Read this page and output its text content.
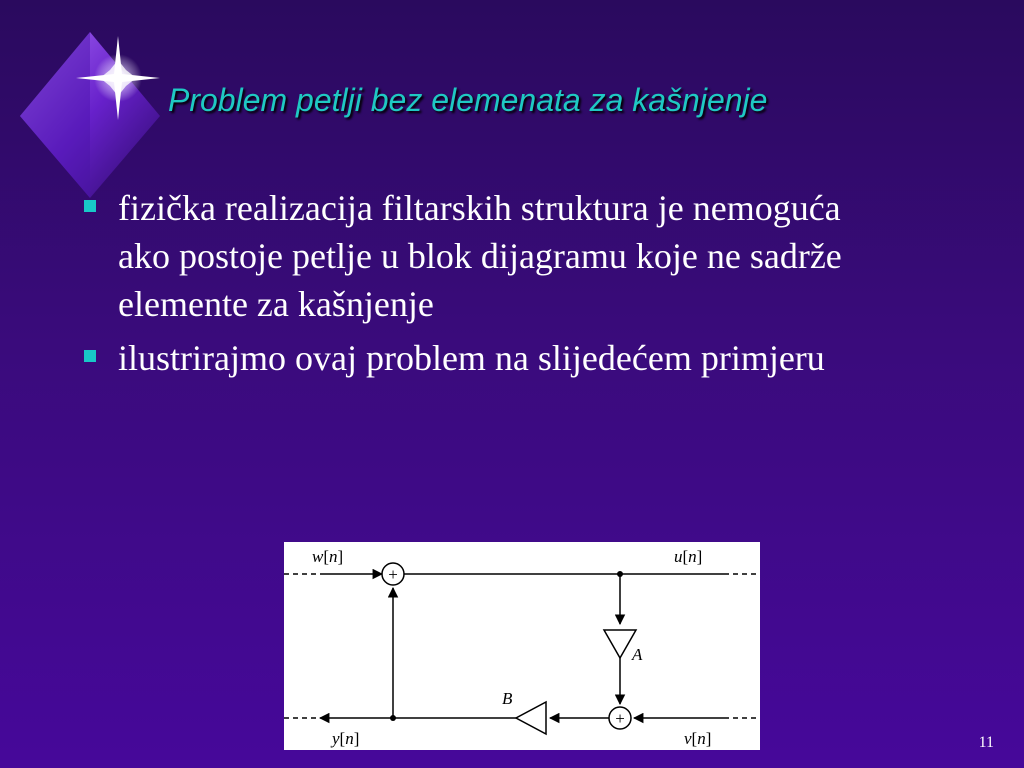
Problem petlji bez elemenata za kašnjenje
fizička realizacija filtarskih struktura je nemoguća ako postoje petlje u blok dijagramu koje ne sadrže elemente za kašnjenje
ilustrirajmo ovaj problem na slijedećem primjeru
A
+
B
+
w[n]	u[n]
y[n]	v[n]	11
